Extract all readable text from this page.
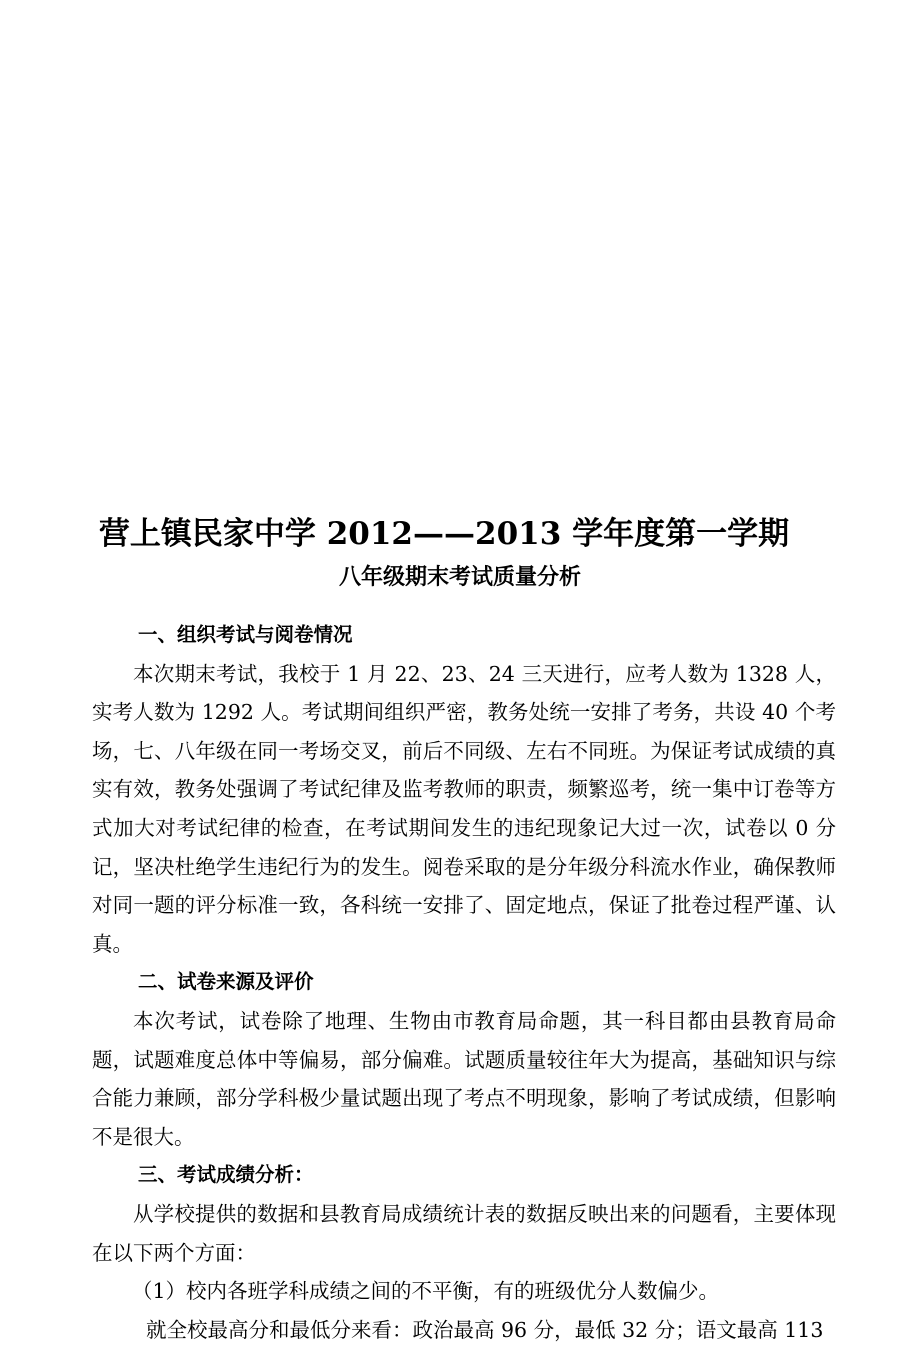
营上镇民家中学 2012——2013 学年度第一学期
八年级期末考试质量分析

一、组织考试与阅卷情况

本次期末考试，我校于 1 月 22、23、24 三天进行，应考人数为 1328 人，实考人数为 1292 人。考试期间组织严密，教务处统一安排了考务，共设 40 个考场，七、八年级在同一考场交叉，前后不同级、左右不同班。为保证考试成绩的真实有效，教务处强调了考试纪律及监考教师的职责，频繁巡考，统一集中订卷等方式加大对考试纪律的检查，在考试期间发生的违纪现象记大过一次，试卷以 0 分记，坚决杜绝学生违纪行为的发生。阅卷采取的是分年级分科流水作业，确保教师对同一题的评分标准一致，各科统一安排了、固定地点，保证了批卷过程严谨、认真。

二、试卷来源及评价

本次考试，试卷除了地理、生物由市教育局命题，其一科目都由县教育局命题，试题难度总体中等偏易，部分偏难。试题质量较往年大为提高，基础知识与综合能力兼顾，部分学科极少量试题出现了考点不明现象，影响了考试成绩，但影响不是很大。

三、考试成绩分析：

从学校提供的数据和县教育局成绩统计表的数据反映出来的问题看，主要体现在以下两个方面：

（1）校内各班学科成绩之间的不平衡，有的班级优分人数偏少。

就全校最高分和最低分来看：政治最高 96 分，最低 32 分；语文最高 113
